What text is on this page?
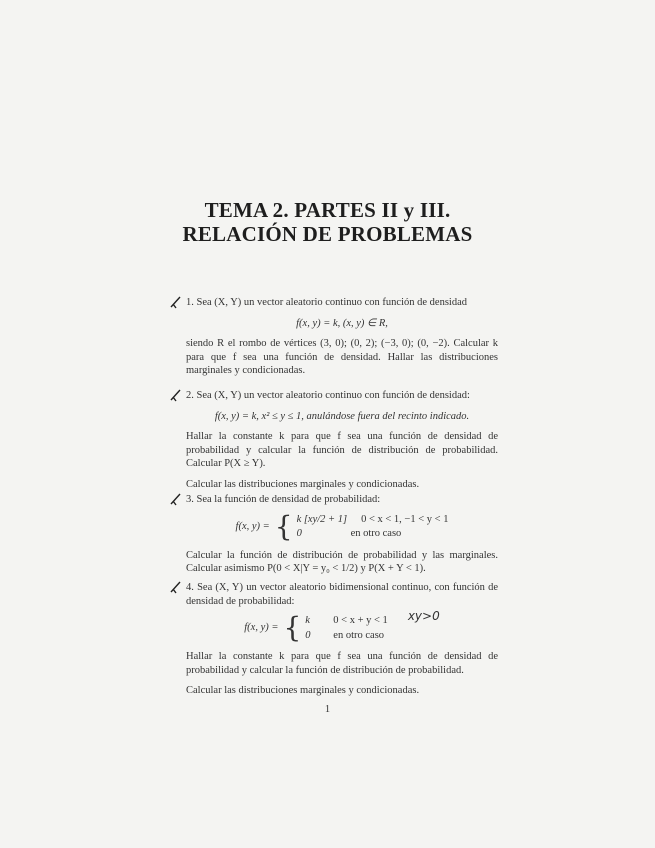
TEMA 2. PARTES II y III.
RELACIÓN DE PROBLEMAS

1. Sea (X, Y) un vector aleatorio continuo con función de densidad

f(x, y) = k, (x, y) ∈ R,

siendo R el rombo de vértices (3, 0); (0, 2); (−3, 0); (0, −2). Calcular k para que f sea una función de densidad. Hallar las distribuciones marginales y condicionadas.

2. Sea (X, Y) un vector aleatorio continuo con función de densidad:

f(x, y) = k, x² ≤ y ≤ 1, anulándose fuera del recinto indicado.

Hallar la constante k para que f sea una función de densidad de probabilidad y calcular la función de distribución de probabilidad. Calcular P(X ≥ Y).

Calcular las distribuciones marginales y condicionadas.

3. Sea la función de densidad de probabilidad:

f(x, y) = { k [xy/2 + 1] 0 < x < 1, −1 < y < 1
0	en otro caso

Calcular la función de distribución de probabilidad y las marginales. Calcular asimismo P(0 < X|Y = y₀ < 1/2) y P(X + Y < 1).

4. Sea (X, Y) un vector aleatorio bidimensional continuo, con función de densidad de probabilidad:

f(x, y) = { k	0 < x + y < 1 xy>0
0	en otro caso

Hallar la constante k para que f sea una función de densidad de probabilidad y calcular la función de distribución de probabilidad.

Calcular las distribuciones marginales y condicionadas.

1
